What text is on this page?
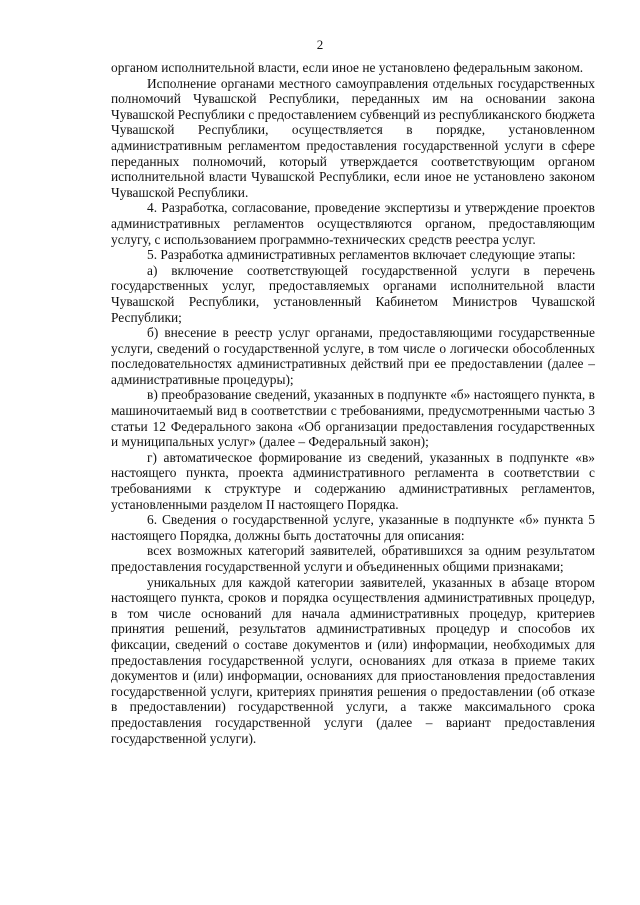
2

органом исполнительной власти, если иное не установлено федеральным законом.

Исполнение органами местного самоуправления отдельных государственных полномочий Чувашской Республики, переданных им на основании закона Чувашской Республики с предоставлением субвенций из республиканского бюджета Чувашской Республики, осуществляется в порядке, установленном административным регламентом предоставления государственной услуги в сфере переданных полномочий, который утверждается соответствующим органом исполнительной власти Чувашской Республики, если иное не установлено законом Чувашской Республики.

4. Разработка, согласование, проведение экспертизы и утверждение проектов административных регламентов осуществляются органом, предоставляющим услугу, с использованием программно-технических средств реестра услуг.

5. Разработка административных регламентов включает следующие этапы:

а) включение соответствующей государственной услуги в перечень государственных услуг, предоставляемых органами исполнительной власти Чувашской Республики, установленный Кабинетом Министров Чувашской Республики;

б) внесение в реестр услуг органами, предоставляющими государственные услуги, сведений о государственной услуге, в том числе о логически обособленных последовательностях административных действий при ее предоставлении (далее – административные процедуры);

в) преобразование сведений, указанных в подпункте «б» настоящего пункта, в машиночитаемый вид в соответствии с требованиями, предусмотренными частью 3 статьи 12 Федерального закона «Об организации предоставления государственных и муниципальных услуг» (далее – Федеральный закон);

г) автоматическое формирование из сведений, указанных в подпункте «в» настоящего пункта, проекта административного регламента в соответствии с требованиями к структуре и содержанию административных регламентов, установленными разделом II настоящего Порядка.

6. Сведения о государственной услуге, указанные в подпункте «б» пункта 5 настоящего Порядка, должны быть достаточны для описания:

всех возможных категорий заявителей, обратившихся за одним результатом предоставления государственной услуги и объединенных общими признаками;

уникальных для каждой категории заявителей, указанных в абзаце втором настоящего пункта, сроков и порядка осуществления административных процедур, в том числе оснований для начала административных процедур, критериев принятия решений, результатов административных процедур и способов их фиксации, сведений о составе документов и (или) информации, необходимых для предоставления государственной услуги, основаниях для отказа в приеме таких документов и (или) информации, основаниях для приостановления предоставления государственной услуги, критериях принятия решения о предоставлении (об отказе в предоставлении) государственной услуги, а также максимального срока предоставления государственной услуги (далее – вариант предоставления государственной услуги).
